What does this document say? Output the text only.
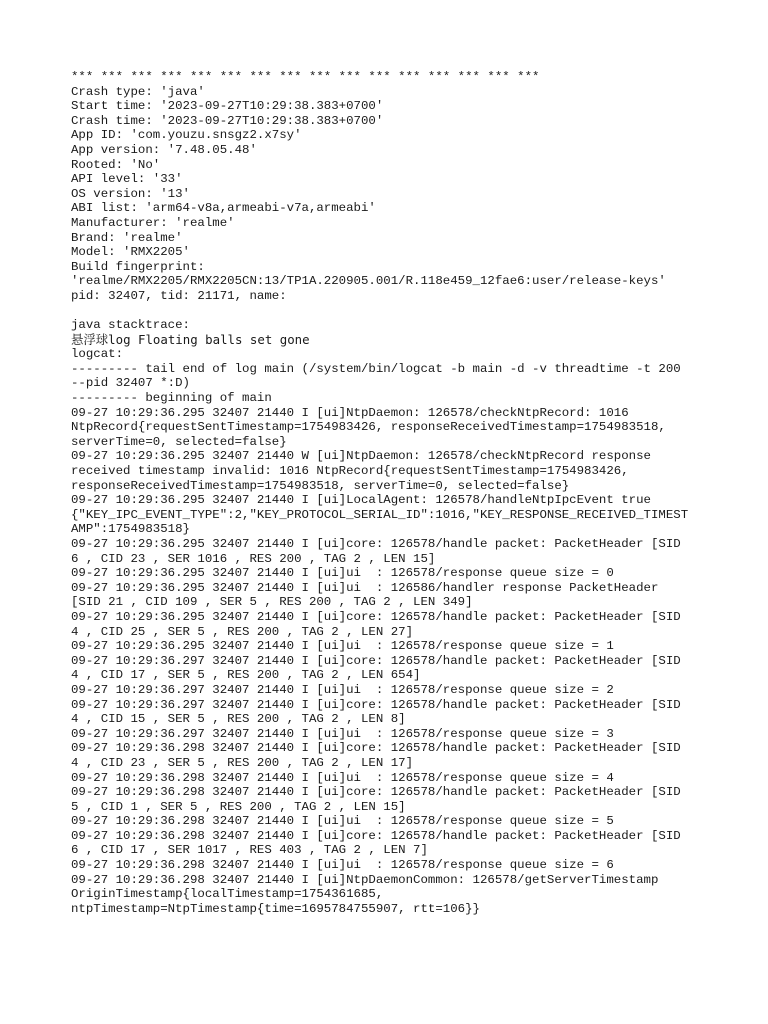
*** *** *** *** *** *** *** *** *** *** *** *** *** *** *** ***
Crash type: 'java'
Start time: '2023-09-27T10:29:38.383+0700'
Crash time: '2023-09-27T10:29:38.383+0700'
App ID: 'com.youzu.snsgz2.x7sy'
App version: '7.48.05.48'
Rooted: 'No'
API level: '33'
OS version: '13'
ABI list: 'arm64-v8a,armeabi-v7a,armeabi'
Manufacturer: 'realme'
Brand: 'realme'
Model: 'RMX2205'
Build fingerprint:
'realme/RMX2205/RMX2205CN:13/TP1A.220905.001/R.118e459_12fae6:user/release-keys'
pid: 32407, tid: 21171, name:
java stacktrace:
悬浮球log Floating balls set gone
logcat:
--------- tail end of log main (/system/bin/logcat -b main -d -v threadtime -t 200
--pid 32407 *:D)
--------- beginning of main
09-27 10:29:36.295 32407 21440 I [ui]NtpDaemon: 126578/checkNtpRecord: 1016
NtpRecord{requestSentTimestamp=1754983426, responseReceivedTimestamp=1754983518,
serverTime=0, selected=false}
09-27 10:29:36.295 32407 21440 W [ui]NtpDaemon: 126578/checkNtpRecord response
received timestamp invalid: 1016 NtpRecord{requestSentTimestamp=1754983426,
responseReceivedTimestamp=1754983518, serverTime=0, selected=false}
09-27 10:29:36.295 32407 21440 I [ui]LocalAgent: 126578/handleNtpIpcEvent true
{"KEY_IPC_EVENT_TYPE":2,"KEY_PROTOCOL_SERIAL_ID":1016,"KEY_RESPONSE_RECEIVED_TIMEST
AMP":1754983518}
09-27 10:29:36.295 32407 21440 I [ui]core: 126578/handle packet: PacketHeader [SID
6 , CID 23 , SER 1016 , RES 200 , TAG 2 , LEN 15]
09-27 10:29:36.295 32407 21440 I [ui]ui  : 126578/response queue size = 0
09-27 10:29:36.295 32407 21440 I [ui]ui  : 126586/handler response PacketHeader
[SID 21 , CID 109 , SER 5 , RES 200 , TAG 2 , LEN 349]
09-27 10:29:36.295 32407 21440 I [ui]core: 126578/handle packet: PacketHeader [SID
4 , CID 25 , SER 5 , RES 200 , TAG 2 , LEN 27]
09-27 10:29:36.295 32407 21440 I [ui]ui  : 126578/response queue size = 1
09-27 10:29:36.297 32407 21440 I [ui]core: 126578/handle packet: PacketHeader [SID
4 , CID 17 , SER 5 , RES 200 , TAG 2 , LEN 654]
09-27 10:29:36.297 32407 21440 I [ui]ui  : 126578/response queue size = 2
09-27 10:29:36.297 32407 21440 I [ui]core: 126578/handle packet: PacketHeader [SID
4 , CID 15 , SER 5 , RES 200 , TAG 2 , LEN 8]
09-27 10:29:36.297 32407 21440 I [ui]ui  : 126578/response queue size = 3
09-27 10:29:36.298 32407 21440 I [ui]core: 126578/handle packet: PacketHeader [SID
4 , CID 23 , SER 5 , RES 200 , TAG 2 , LEN 17]
09-27 10:29:36.298 32407 21440 I [ui]ui  : 126578/response queue size = 4
09-27 10:29:36.298 32407 21440 I [ui]core: 126578/handle packet: PacketHeader [SID
5 , CID 1 , SER 5 , RES 200 , TAG 2 , LEN 15]
09-27 10:29:36.298 32407 21440 I [ui]ui  : 126578/response queue size = 5
09-27 10:29:36.298 32407 21440 I [ui]core: 126578/handle packet: PacketHeader [SID
6 , CID 17 , SER 1017 , RES 403 , TAG 2 , LEN 7]
09-27 10:29:36.298 32407 21440 I [ui]ui  : 126578/response queue size = 6
09-27 10:29:36.298 32407 21440 I [ui]NtpDaemonCommon: 126578/getServerTimestamp
OriginTimestamp{localTimestamp=1754361685,
ntpTimestamp=NtpTimestamp{time=1695784755907, rtt=106}}
